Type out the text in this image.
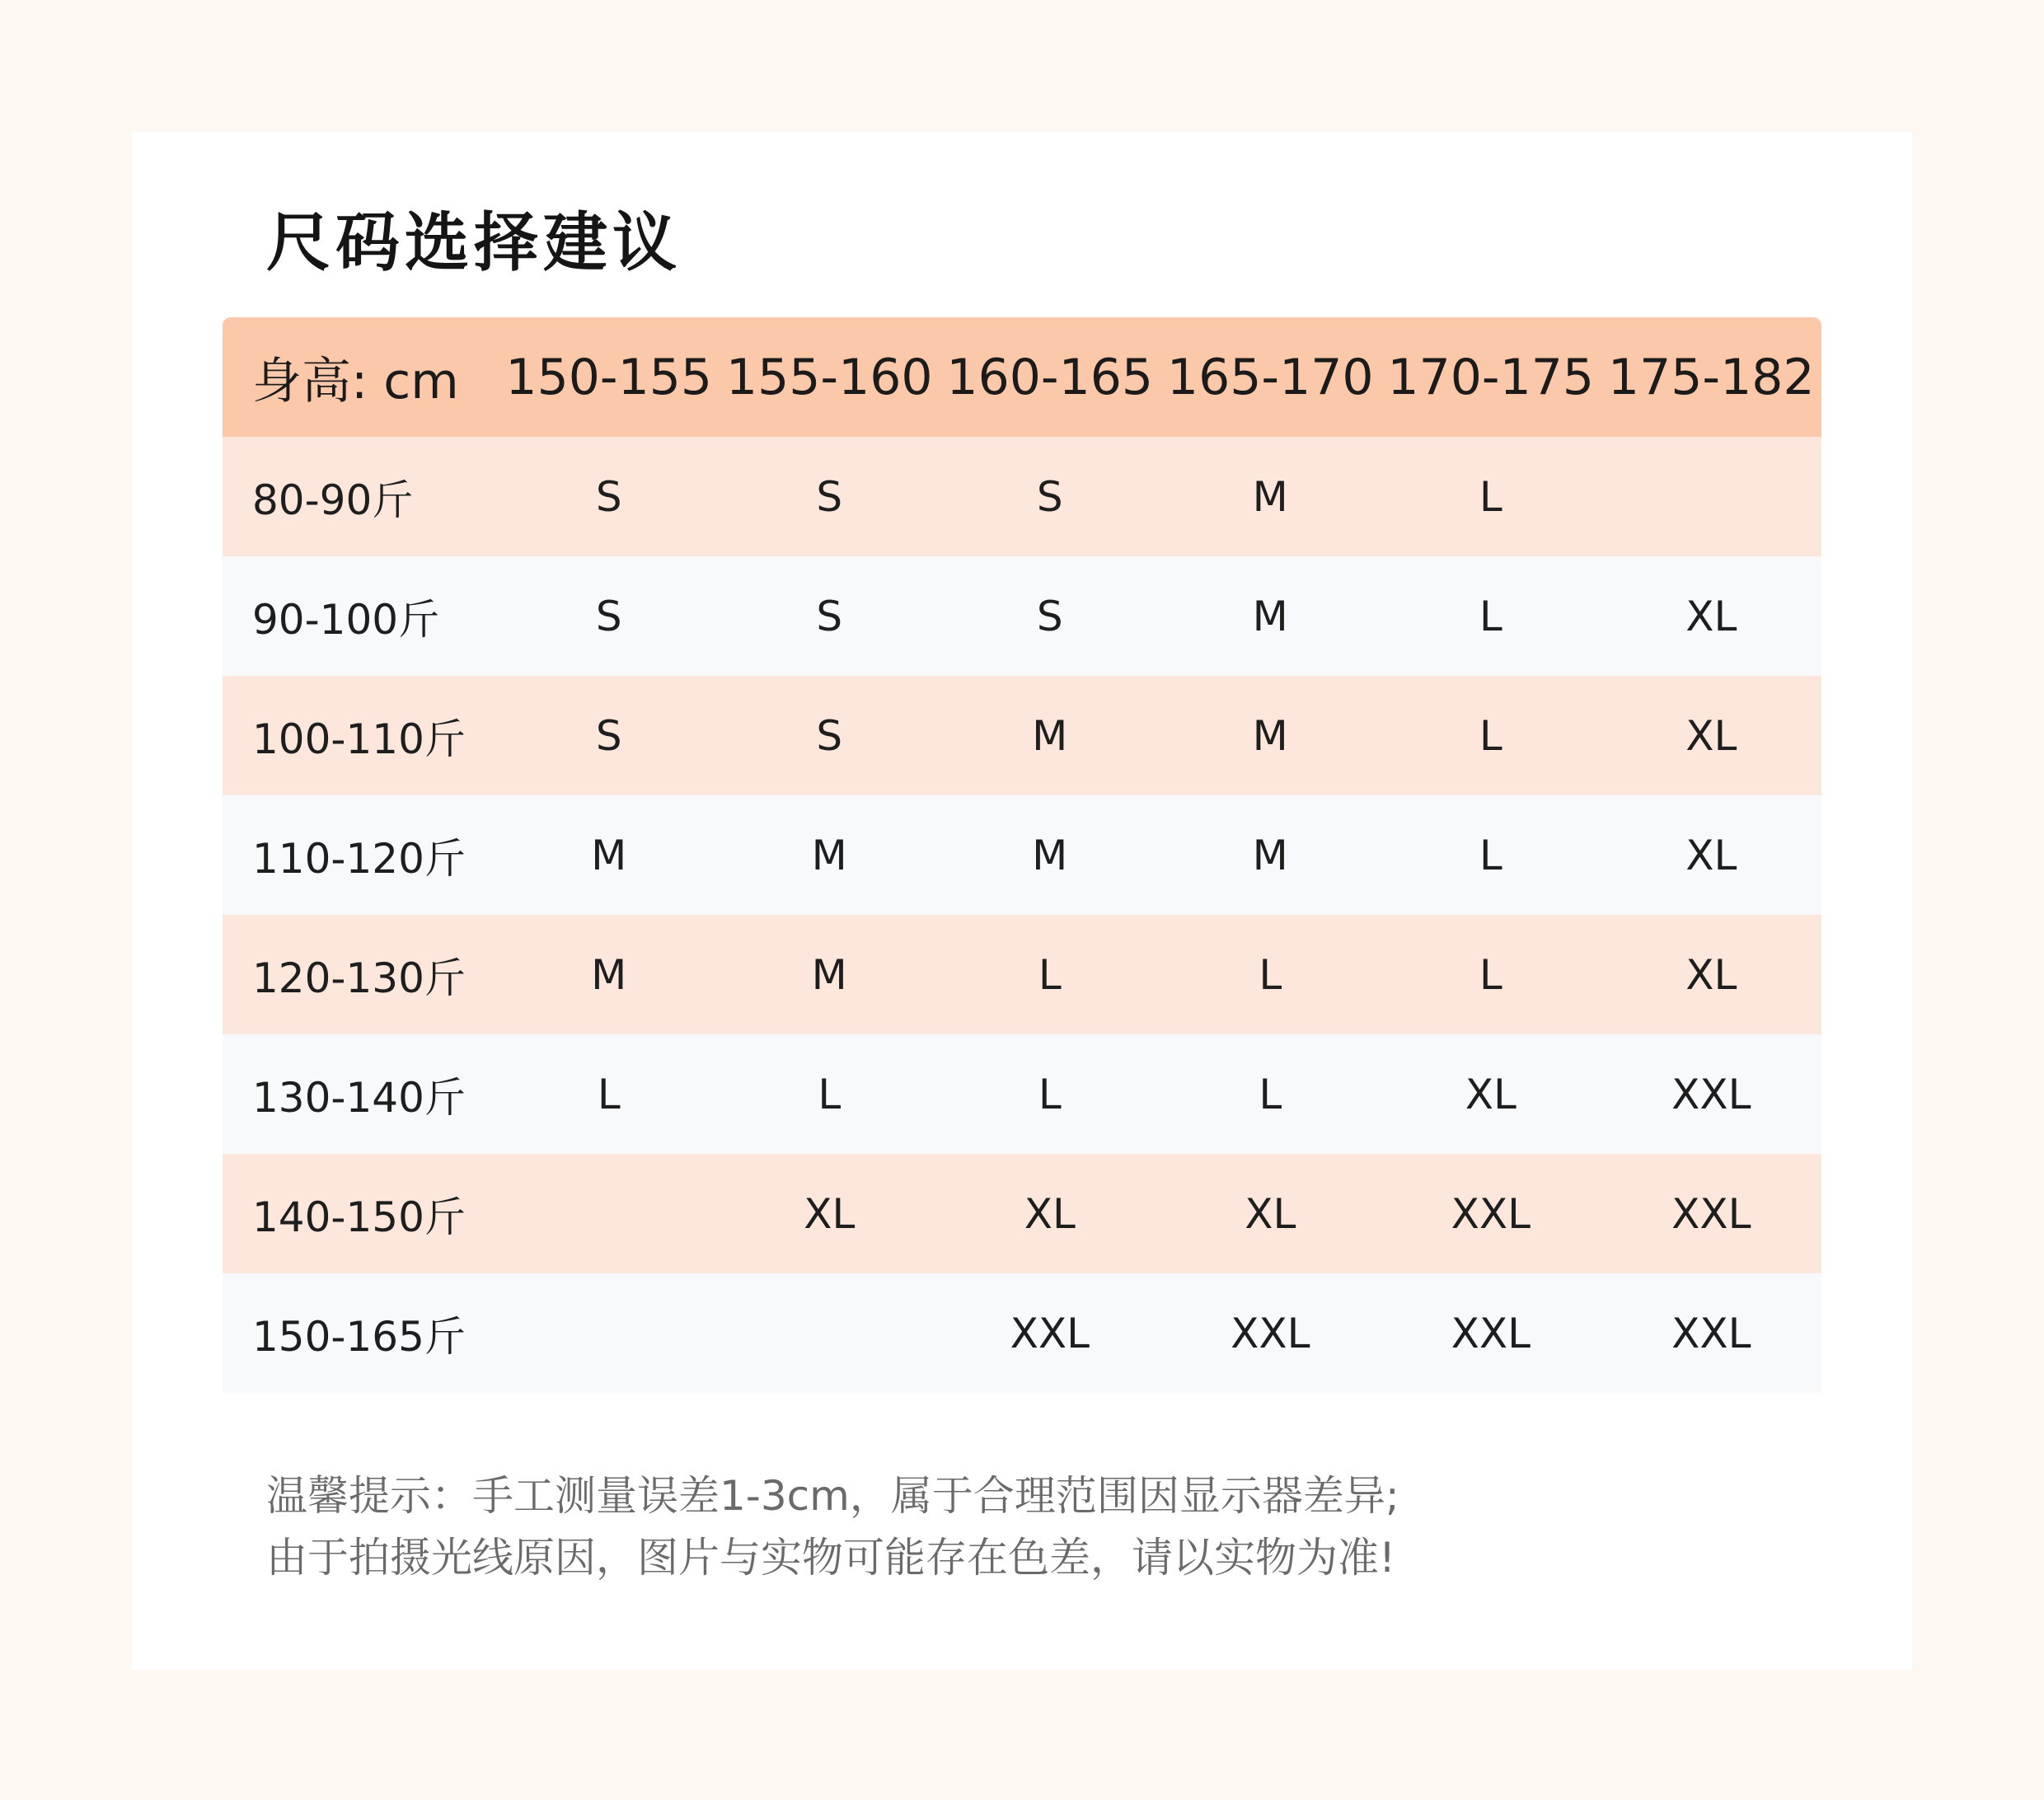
尺码选择建议
身高: cm	150-155	155-160	160-165	165-170	170-175	175-182
80-90斤	S	S	S	M	L	
90-100斤	S	S	S	M	L	XL
100-110斤	S	S	M	M	L	XL
110-120斤	M	M	M	M	L	XL
120-130斤	M	M	L	L	L	XL
130-140斤	L	L	L	L	XL	XXL
140-150斤		XL	XL	XL	XXL	XXL
150-165斤			XXL	XXL	XXL	XXL

温馨提示：手工测量误差1-3cm，属于合理范围因显示器差异;
由于拍摄光线原因，图片与实物可能存在色差，请以实物为准!
